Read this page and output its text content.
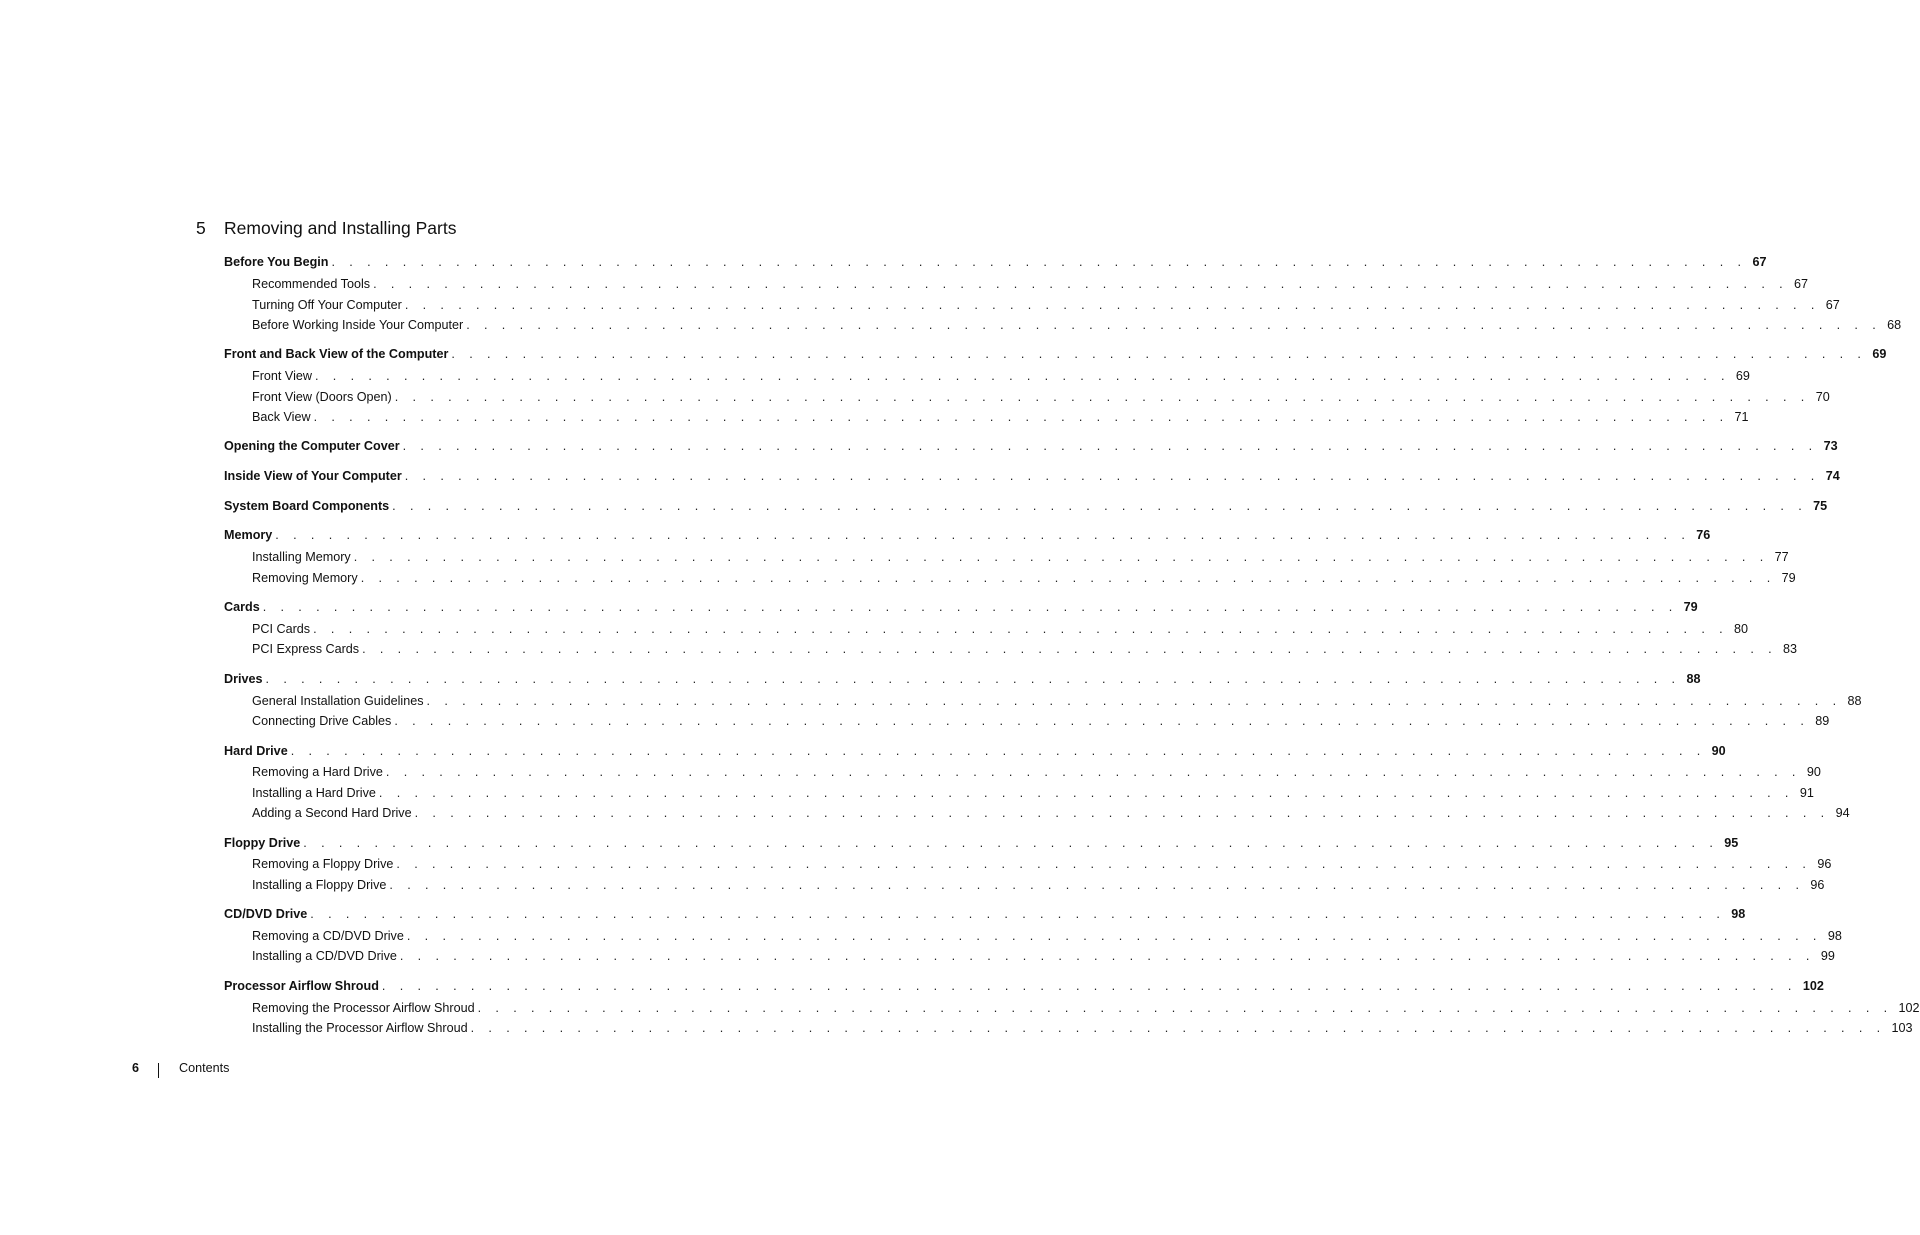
5 Removing and Installing Parts
Before You Begin . . . . . . . . . . . . . . . . . . . . . . . . . . . . . . . . . . . . . . . . . . . . . . . . . . . . . . . . . . . . . . . . . . . . . . . . . . . . . . . . 67
Recommended Tools . . . . . . . . . . . . . . . . . . . . . . . . . . . . . . . . . . . . . . . . . . . . . . . . . . . . . . . . . . . . . . . . . . . . . . . . . . . . . . . . 67
Turning Off Your Computer . . . . . . . . . . . . . . . . . . . . . . . . . . . . . . . . . . . . . . . . . . . . . . . . . . . . . . . . . . . . . . . . . . . . . . . . . . . . . . . . 67
Before Working Inside Your Computer . . . . . . . . . . . . . . . . . . . . . . . . . . . . . . . . . . . . . . . . . . . . . . . . . . . . . . . . . . . . . . . . . . . . . . . . . . . . . . . . 68
Front and Back View of the Computer . . . . . . . . . . . . . . . . . . . . . . . . . . . . . . . . . . . . . . . . . . . . . . . . . . . . . . . . . . . . . . . . . . . . . . . . . . . . . . . . 69
Front View . . . . . . . . . . . . . . . . . . . . . . . . . . . . . . . . . . . . . . . . . . . . . . . . . . . . . . . . . . . . . . . . . . . . . . . . . . . . . . . . 69
Front View (Doors Open) . . . . . . . . . . . . . . . . . . . . . . . . . . . . . . . . . . . . . . . . . . . . . . . . . . . . . . . . . . . . . . . . . . . . . . . . . . . . . . . . 70
Back View . . . . . . . . . . . . . . . . . . . . . . . . . . . . . . . . . . . . . . . . . . . . . . . . . . . . . . . . . . . . . . . . . . . . . . . . . . . . . . . . 71
Opening the Computer Cover . . . . . . . . . . . . . . . . . . . . . . . . . . . . . . . . . . . . . . . . . . . . . . . . . . . . . . . . . . . . . . . . . . . . . . . . . . . . . . . . 73
Inside View of Your Computer . . . . . . . . . . . . . . . . . . . . . . . . . . . . . . . . . . . . . . . . . . . . . . . . . . . . . . . . . . . . . . . . . . . . . . . . . . . . . . . . 74
System Board Components . . . . . . . . . . . . . . . . . . . . . . . . . . . . . . . . . . . . . . . . . . . . . . . . . . . . . . . . . . . . . . . . . . . . . . . . . . . . . . . . 75
Memory . . . . . . . . . . . . . . . . . . . . . . . . . . . . . . . . . . . . . . . . . . . . . . . . . . . . . . . . . . . . . . . . . . . . . . . . . . . . . . . . 76
Installing Memory . . . . . . . . . . . . . . . . . . . . . . . . . . . . . . . . . . . . . . . . . . . . . . . . . . . . . . . . . . . . . . . . . . . . . . . . . . . . . . . . 77
Removing Memory . . . . . . . . . . . . . . . . . . . . . . . . . . . . . . . . . . . . . . . . . . . . . . . . . . . . . . . . . . . . . . . . . . . . . . . . . . . . . . . . 79
Cards . . . . . . . . . . . . . . . . . . . . . . . . . . . . . . . . . . . . . . . . . . . . . . . . . . . . . . . . . . . . . . . . . . . . . . . . . . . . . . . . 79
PCI Cards . . . . . . . . . . . . . . . . . . . . . . . . . . . . . . . . . . . . . . . . . . . . . . . . . . . . . . . . . . . . . . . . . . . . . . . . . . . . . . . . 80
PCI Express Cards . . . . . . . . . . . . . . . . . . . . . . . . . . . . . . . . . . . . . . . . . . . . . . . . . . . . . . . . . . . . . . . . . . . . . . . . . . . . . . . . 83
Drives . . . . . . . . . . . . . . . . . . . . . . . . . . . . . . . . . . . . . . . . . . . . . . . . . . . . . . . . . . . . . . . . . . . . . . . . . . . . . . . . 88
General Installation Guidelines . . . . . . . . . . . . . . . . . . . . . . . . . . . . . . . . . . . . . . . . . . . . . . . . . . . . . . . . . . . . . . . . . . . . . . . . . . . . . . . . 88
Connecting Drive Cables . . . . . . . . . . . . . . . . . . . . . . . . . . . . . . . . . . . . . . . . . . . . . . . . . . . . . . . . . . . . . . . . . . . . . . . . . . . . . . . . 89
Hard Drive . . . . . . . . . . . . . . . . . . . . . . . . . . . . . . . . . . . . . . . . . . . . . . . . . . . . . . . . . . . . . . . . . . . . . . . . . . . . . . . . 90
Removing a Hard Drive . . . . . . . . . . . . . . . . . . . . . . . . . . . . . . . . . . . . . . . . . . . . . . . . . . . . . . . . . . . . . . . . . . . . . . . . . . . . . . . . 90
Installing a Hard Drive . . . . . . . . . . . . . . . . . . . . . . . . . . . . . . . . . . . . . . . . . . . . . . . . . . . . . . . . . . . . . . . . . . . . . . . . . . . . . . . . 91
Adding a Second Hard Drive . . . . . . . . . . . . . . . . . . . . . . . . . . . . . . . . . . . . . . . . . . . . . . . . . . . . . . . . . . . . . . . . . . . . . . . . . . . . . . . . 94
Floppy Drive . . . . . . . . . . . . . . . . . . . . . . . . . . . . . . . . . . . . . . . . . . . . . . . . . . . . . . . . . . . . . . . . . . . . . . . . . . . . . . . . 95
Removing a Floppy Drive . . . . . . . . . . . . . . . . . . . . . . . . . . . . . . . . . . . . . . . . . . . . . . . . . . . . . . . . . . . . . . . . . . . . . . . . . . . . . . . . 96
Installing a Floppy Drive . . . . . . . . . . . . . . . . . . . . . . . . . . . . . . . . . . . . . . . . . . . . . . . . . . . . . . . . . . . . . . . . . . . . . . . . . . . . . . . . 96
CD/DVD Drive . . . . . . . . . . . . . . . . . . . . . . . . . . . . . . . . . . . . . . . . . . . . . . . . . . . . . . . . . . . . . . . . . . . . . . . . . . . . . . . . 98
Removing a CD/DVD Drive . . . . . . . . . . . . . . . . . . . . . . . . . . . . . . . . . . . . . . . . . . . . . . . . . . . . . . . . . . . . . . . . . . . . . . . . . . . . . . . . 98
Installing a CD/DVD Drive . . . . . . . . . . . . . . . . . . . . . . . . . . . . . . . . . . . . . . . . . . . . . . . . . . . . . . . . . . . . . . . . . . . . . . . . . . . . . . . . 99
Processor Airflow Shroud . . . . . . . . . . . . . . . . . . . . . . . . . . . . . . . . . . . . . . . . . . . . . . . . . . . . . . . . . . . . . . . . . . . . . . . . . . . . . . . . 102
Removing the Processor Airflow Shroud . . . . . . . . . . . . . . . . . . . . . . . . . . . . . . . . . . . . . . . . . . . . . . . . . . . . . . . . . . . . . . . . . . . . . . . . . . . . . . . . 102
Installing the Processor Airflow Shroud . . . . . . . . . . . . . . . . . . . . . . . . . . . . . . . . . . . . . . . . . . . . . . . . . . . . . . . . . . . . . . . . . . . . . . . . . . . . . . . . 103
6	Contents
